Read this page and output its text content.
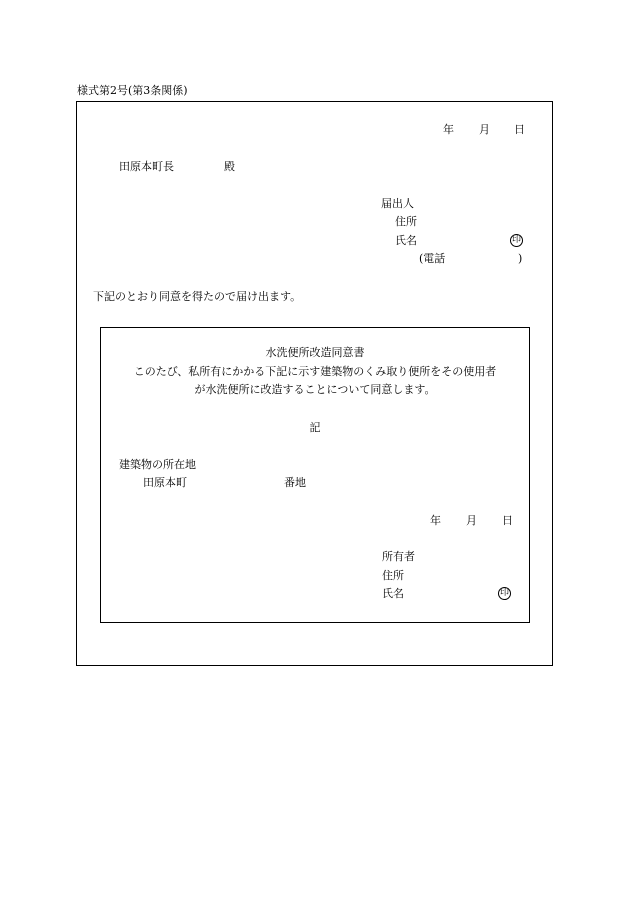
様式第2号(第3条関係)
年 月 日
田原本町長	殿
届出人
住所
氏名	印
(電話	)
下記のとおり同意を得たので届け出ます。
水洗便所改造同意書
このたび、私所有にかかる下記に示す建築物のくみ取り便所をその使用者
が水洗便所に改造することについて同意します。
記
建築物の所在地
田原本町	番地
年 月 日
所有者
住所
氏名	印
